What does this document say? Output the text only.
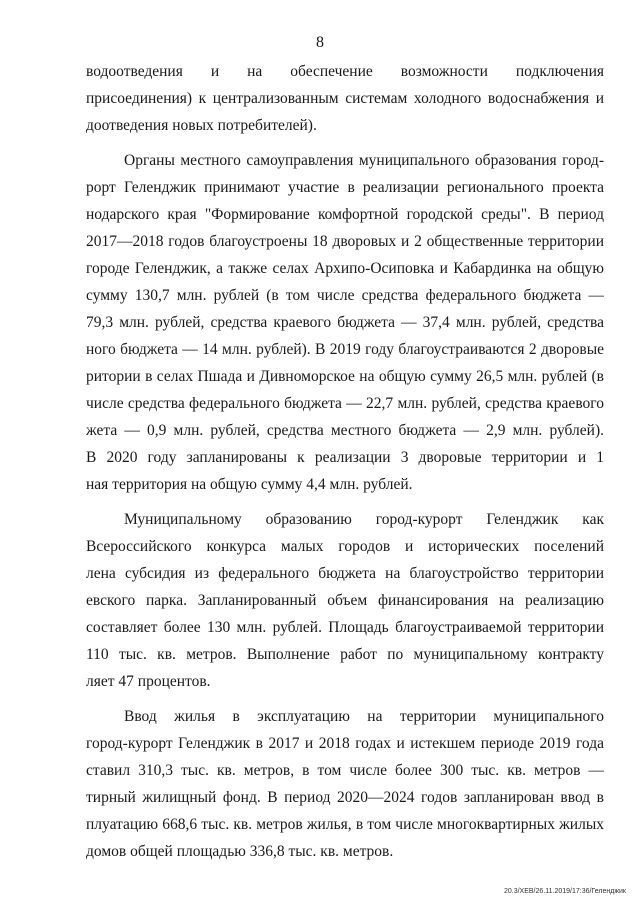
8
водоотведения и на обеспечение возможности подключения
присоединения) к централизованным системам холодного водоснабжения и
доотведения новых потребителей).
Органы местного самоуправления муниципального образования город-
рорт Геленджик принимают участие в реализации регионального проекта
нодарского края "Формирование комфортной городской среды". В период
2017—2018 годов благоустроены 18 дворовых и 2 общественные территории
городе Геленджик, а также селах Архипо-Осиповка и Кабардинка на общую
сумму 130,7 млн. рублей (в том числе средства федерального бюджета —
79,3 млн. рублей, средства краевого бюджета — 37,4 млн. рублей, средства
ного бюджета — 14 млн. рублей). В 2019 году благоустраиваются 2 дворовые
ритории в селах Пшада и Дивноморское на общую сумму 26,5 млн. рублей (в
числе средства федерального бюджета — 22,7 млн. рублей, средства краевого
жета — 0,9 млн. рублей, средства местного бюджета — 2,9 млн. рублей).
В 2020 году запланированы к реализации 3 дворовые территории и 1
ная территория на общую сумму 4,4 млн. рублей.
Муниципальному образованию город-курорт Геленджик как
Всероссийского конкурса малых городов и исторических поселений
лена субсидия из федерального бюджета на благоустройство территории
евского парка. Запланированный объем финансирования на реализацию
составляет более 130 млн. рублей. Площадь благоустраиваемой территории
110 тыс. кв. метров. Выполнение работ по муниципальному контракту
ляет 47 процентов.
Ввод жилья в эксплуатацию на территории муниципального
город-курорт Геленджик в 2017 и 2018 годах и истекшем периоде 2019 года
ставил 310,3 тыс. кв. метров, в том числе более 300 тыс. кв. метров —
тирный жилищный фонд. В период 2020—2024 годов запланирован ввод в
плуатацию 668,6 тыс. кв. метров жилья, в том числе многоквартирных жилых
домов общей площадью 336,8 тыс. кв. метров.
20.3/ХЕВ/26.11.2019/17:36/Геленджик
